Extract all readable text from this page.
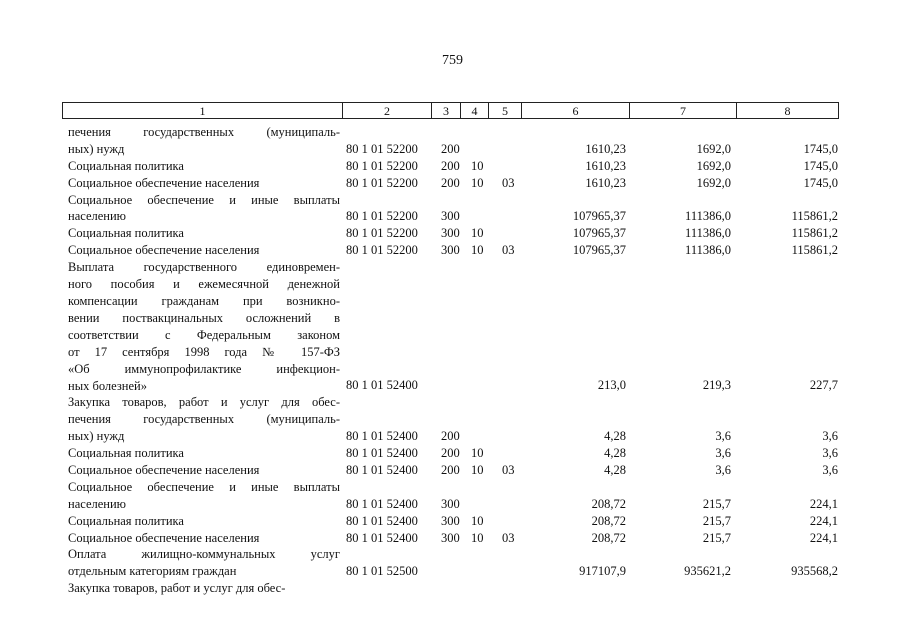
759
1	2	3	4	5	6	7	8
печения государственных (муниципаль-
ных) нужд	80 1 01 52200 200	1610,23	1692,0	1745,0
Социальная политика	80 1 01 52200 200 10	1610,23	1692,0	1745,0
Социальное обеспечение населения	80 1 01 52200 200 10 03	1610,23	1692,0	1745,0
Социальное обеспечение и иные выплаты
населению	80 1 01 52200 300	107965,37	111386,0	115861,2
Социальная политика	80 1 01 52200 300 10	107965,37	111386,0	115861,2
Социальное обеспечение населения	80 1 01 52200 300 10 03	107965,37	111386,0	115861,2
Выплата государственного единовремен-
ного пособия и ежемесячной денежной
компенсации гражданам при возникно-
вении поствакцинальных осложнений в
соответствии с Федеральным законом
от 17 сентября 1998 года № 157-ФЗ
«Об иммунопрофилактике инфекцион-
ных болезней»	80 1 01 52400	213,0	219,3	227,7
Закупка товаров, работ и услуг для обес-
печения государственных (муниципаль-
ных) нужд	80 1 01 52400 200	4,28	3,6	3,6
Социальная политика	80 1 01 52400 200 10	4,28	3,6	3,6
Социальное обеспечение населения	80 1 01 52400 200 10 03	4,28	3,6	3,6
Социальное обеспечение и иные выплаты
населению	80 1 01 52400 300	208,72	215,7	224,1
Социальная политика	80 1 01 52400 300 10	208,72	215,7	224,1
Социальное обеспечение населения	80 1 01 52400 300 10 03	208,72	215,7	224,1
Оплата жилищно-коммунальных услуг
отдельным категориям граждан	80 1 01 52500	917107,9	935621,2	935568,2
Закупка товаров, работ и услуг для обес-
